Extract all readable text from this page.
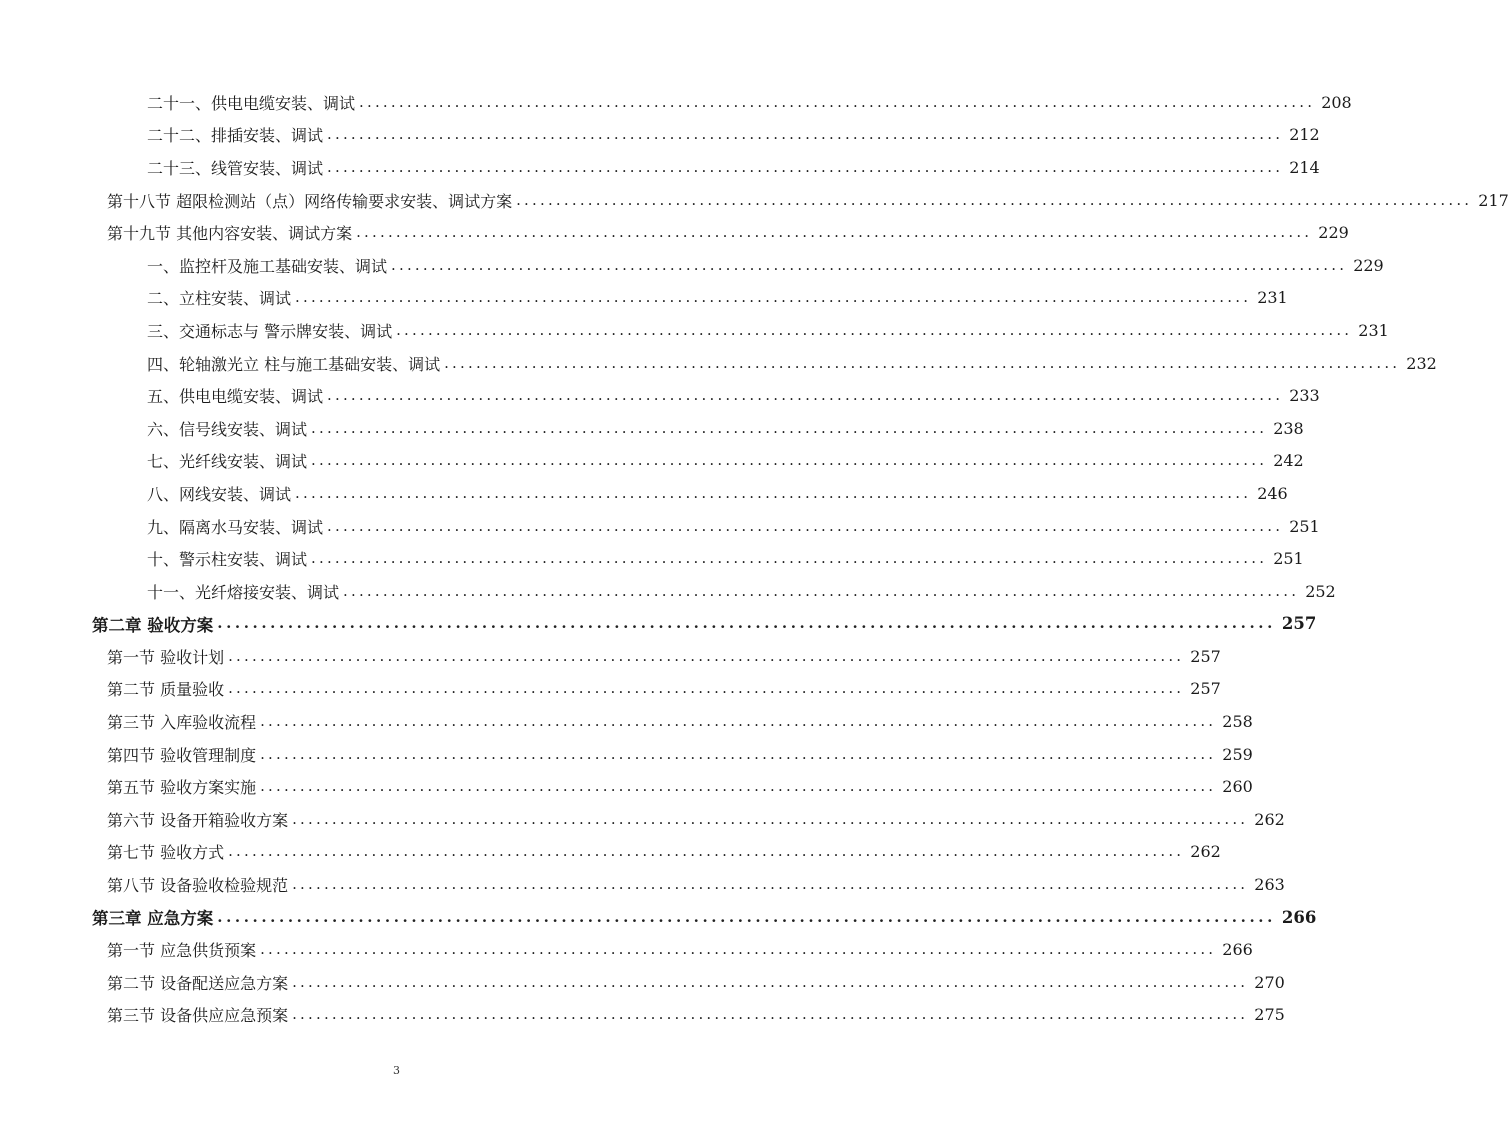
二十一、供电电缆安装、调试 ........................................................................................................................ 208
二十二、排插安装、调试 ........................................................................................................................ 212
二十三、线管安装、调试 ........................................................................................................................ 214
第十八节 超限检测站（点）网络传输要求安装、调试方案 ........................................................................................................................ 217
第十九节 其他内容安装、调试方案 ........................................................................................................................ 229
一、监控杆及施工基础安装、调试 ........................................................................................................................ 229
二、立柱安装、调试 ........................................................................................................................ 231
三、交通标志与 警示牌安装、调试 ........................................................................................................................ 231
四、轮轴激光立 柱与施工基础安装、调试 ........................................................................................................................ 232
五、供电电缆安装、调试 ........................................................................................................................ 233
六、信号线安装、调试 ........................................................................................................................ 238
七、光纤线安装、调试 ........................................................................................................................ 242
八、网线安装、调试 ........................................................................................................................ 246
九、隔离水马安装、调试 ........................................................................................................................ 251
十、警示柱安装、调试 ........................................................................................................................ 251
十一、光纤熔接安装、调试 ........................................................................................................................ 252
第二章 验收方案 ........................................................................................................................ 257
第一节 验收计划 ........................................................................................................................ 257
第二节 质量验收 ........................................................................................................................ 257
第三节 入库验收流程 ........................................................................................................................ 258
第四节 验收管理制度 ........................................................................................................................ 259
第五节 验收方案实施 ........................................................................................................................ 260
第六节 设备开箱验收方案 ........................................................................................................................ 262
第七节 验收方式 ........................................................................................................................ 262
第八节 设备验收检验规范 ........................................................................................................................ 263
第三章 应急方案 ........................................................................................................................ 266
第一节 应急供货预案 ........................................................................................................................ 266
第二节 设备配送应急方案 ........................................................................................................................ 270
第三节 设备供应应急预案 ........................................................................................................................ 275
3
